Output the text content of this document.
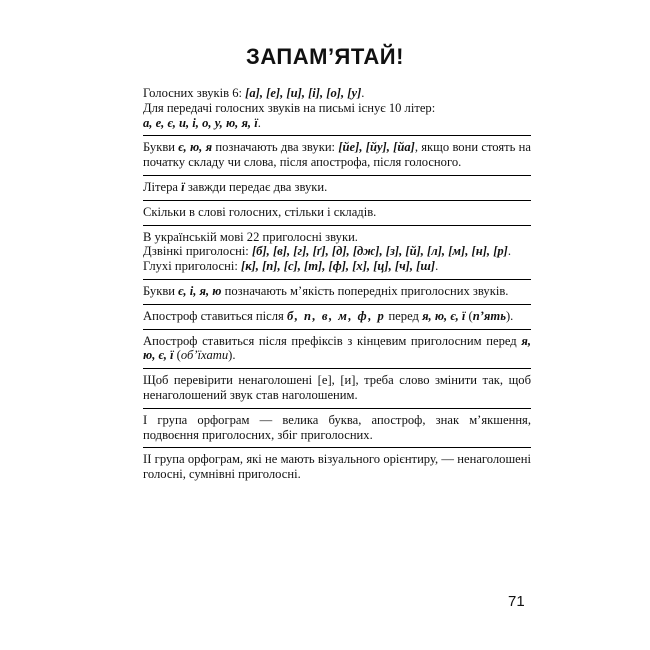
ЗАПАМ’ЯТАЙ!

Голосних звуків 6: [а], [е], [и], [і], [о], [у].

Для передачі голосних звуків на письмі існує 10 літер:

а, е, є, и, і, о, у, ю, я, ї.

Букви є, ю, я позначають два звуки: [йе], [йу], [йа], якщо вони стоять на початку складу чи слова, після апострофа, після голосного.

Літера ї завжди передає два звуки.

Скільки в слові голосних, стільки і складів.

В українській мові 22 приголосні звуки.

Дзвінкі приголосні: [б], [в], [г], [ґ], [д], [дж], [з], [й], [л], [м], [н], [р].

Глухі приголосні: [к], [п], [с], [т], [ф], [х], [ц], [ч], [ш].

Букви є, і, я, ю позначають м’якість попередніх приголосних звуків.

Апостроф ставиться після б, п, в, м, ф, р перед я, ю, є, ї (п’ять).

Апостроф ставиться після префіксів з кінцевим приголосним перед я, ю, є, ї (об’їхати).

Щоб перевірити ненаголошені [е], [и], треба слово змінити так, щоб ненаголошений звук став наголошеним.

І група орфограм — велика буква, апостроф, знак м’якшення, подвоєння приголосних, збіг приголосних.

ІІ група орфограм, які не мають візуального орієнтиру, — ненаголошені голосні, сумнівні приголосні.

71
